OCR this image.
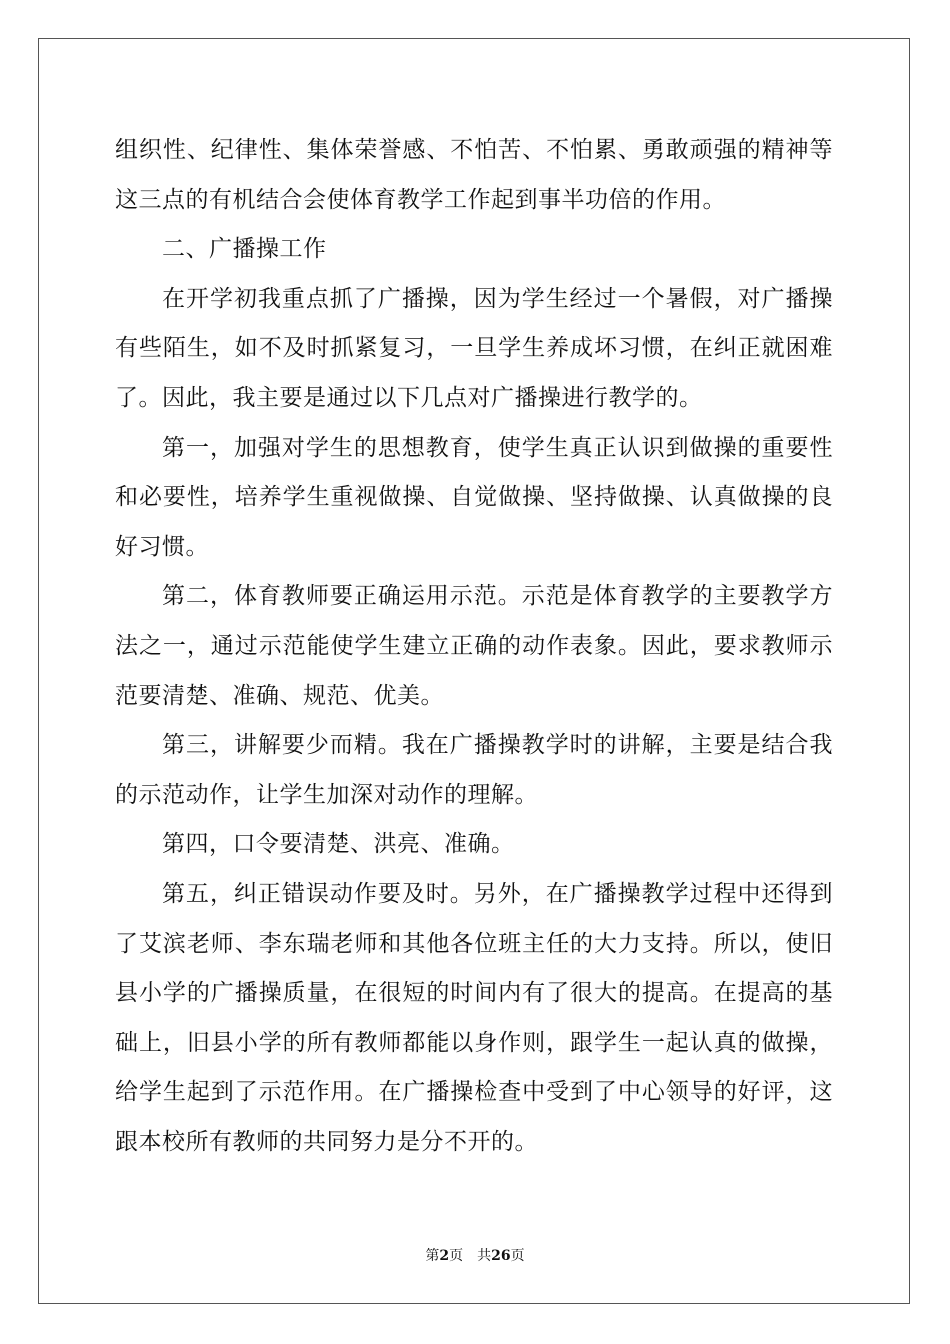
组织性、纪律性、集体荣誉感、不怕苦、不怕累、勇敢顽强的精神等
这三点的有机结合会使体育教学工作起到事半功倍的作用。
二、广播操工作
在开学初我重点抓了广播操，因为学生经过一个暑假，对广播操
有些陌生，如不及时抓紧复习，一旦学生养成坏习惯，在纠正就困难
了。因此，我主要是通过以下几点对广播操进行教学的。
第一，加强对学生的思想教育，使学生真正认识到做操的重要性
和必要性，培养学生重视做操、自觉做操、坚持做操、认真做操的良
好习惯。
第二，体育教师要正确运用示范。示范是体育教学的主要教学方
法之一，通过示范能使学生建立正确的动作表象。因此，要求教师示
范要清楚、准确、规范、优美。
第三，讲解要少而精。我在广播操教学时的讲解，主要是结合我
的示范动作，让学生加深对动作的理解。
第四，口令要清楚、洪亮、准确。
第五，纠正错误动作要及时。另外，在广播操教学过程中还得到
了艾滨老师、李东瑞老师和其他各位班主任的大力支持。所以，使旧
县小学的广播操质量，在很短的时间内有了很大的提高。在提高的基
础上，旧县小学的所有教师都能以身作则，跟学生一起认真的做操，
给学生起到了示范作用。在广播操检查中受到了中心领导的好评，这
跟本校所有教师的共同努力是分不开的。
第2页 共26页
